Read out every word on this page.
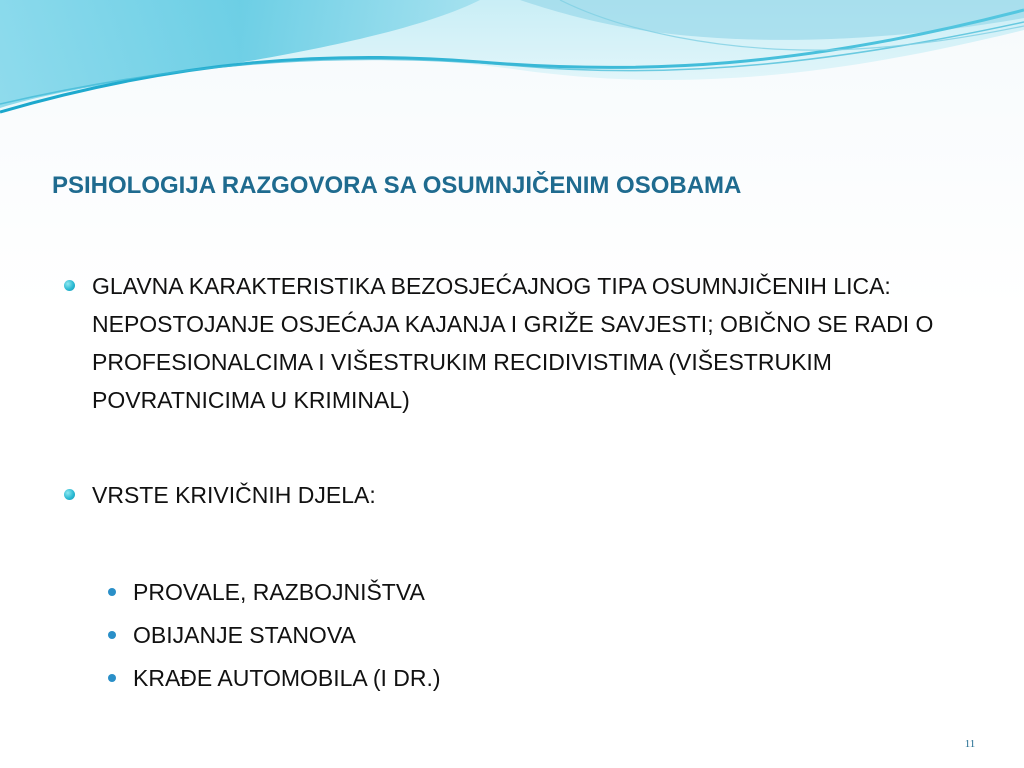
PSIHOLOGIJA RAZGOVORA SA OSUMNJIČENIM OSOBAMA
GLAVNA KARAKTERISTIKA BEZOSJEĆAJNOG TIPA OSUMNJIČENIH LICA: NEPOSTOJANJE OSJEĆAJA KAJANJA I GRIŽE SAVJESTI; OBIČNO SE RADI O PROFESIONALCIMA I VIŠESTRUKIM RECIDIVISTIMA (VIŠESTRUKIM POVRATNICIMA U KRIMINAL)
VRSTE KRIVIČNIH DJELA:
PROVALE, RAZBOJNIŠTVA
OBIJANJE STANOVA
KRAĐE AUTOMOBILA (I DR.)
11
